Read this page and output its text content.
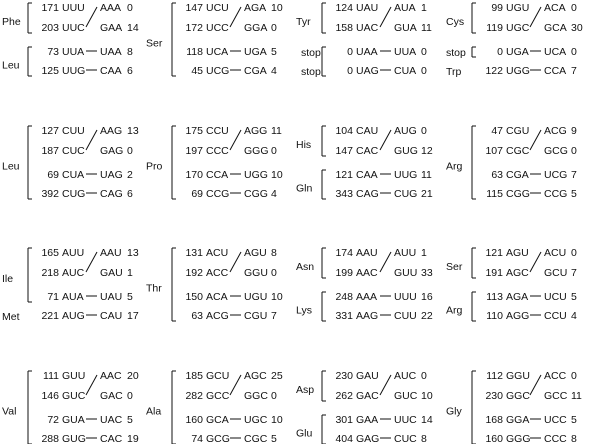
Phe
Leu
171 UUU AAA 0
203 UUC GAA 14
73 UUA UAA 8
125 UUG CAA 6
Ser
147 UCU AGA 10
172 UCC GGA 0
118 UCA UGA 5
45 UCG CGA 4
Tyr
stop
stop
124 UAU AUA 1
158 UAC GUA 11
0 UAA UUA 0
0 UAG CUA 0
Cys
stop
Trp
99 UGU ACA 0
119 UGC GCA 30
0 UGA UCA 0
122 UGG CCA 7
Leu
127 CUU AAG 13
187 CUC GAG 0
69 CUA UAG 2
392 CUG CAG 6
Pro
175 CCU AGG 11
197 CCC GGG 0
170 CCA UGG 10
69 CCG CGG 4
His
Gln
104 CAU AUG 0
147 CAC GUG 12
121 CAA UUG 11
343 CAG CUG 21
Arg
47 CGU ACG 9
107 CGC GCG 0
63 CGA UCG 7
115 CGG CCG 5
Ile
Met
165 AUU AAU 13
218 AUC GAU 1
71 AUA UAU 5
221 AUG CAU 17
Thr
131 ACU AGU 8
192 ACC GGU 0
150 ACA UGU 10
63 ACG CGU 7
Asn
Lys
174 AAU AUU 1
199 AAC GUU 33
248 AAA UUU 16
331 AAG CUU 22
Ser
Arg
121 AGU ACU 0
191 AGC GCU 7
113 AGA UCU 5
110 AGG CCU 4
Val
111 GUU AAC 20
146 GUC GAC 0
72 GUA UAC 5
288 GUG CAC 19
Ala
185 GCU AGC 25
282 GCC GGC 0
160 GCA UGC 10
74 GCG CGC 5
Asp
Glu
230 GAU AUC 0
262 GAC GUC 10
301 GAA UUC 14
404 GAG CUC 8
Gly
112 GGU ACC 0
230 GGC GCC 11
168 GGA UCC 5
160 GGG CCC 8
